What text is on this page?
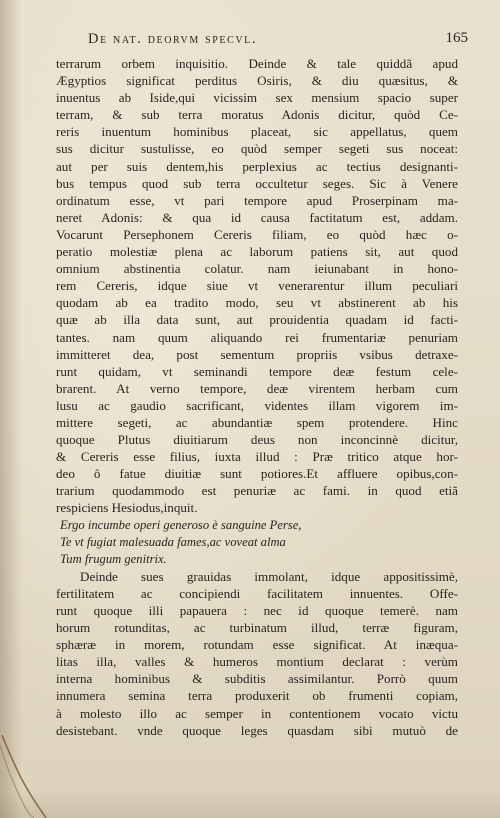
De nat. deorvm specvl.	165
terrarum orbem inquisitio. Deinde & tale quiddã apud
Ægyptios significat perditus Osiris, & diu quæsitus, &
inuentus ab Iside,qui vicissim sex mensium spacio super
terram, & sub terra moratus Adonis dicitur, quòd Ce-
reris inuentum hominibus placeat, sic appellatus, quem
sus dicitur sustulisse, eo quòd semper segeti sus noceat:
aut per suis dentem,his perplexius ac tectius designanti-
bus tempus quod sub terra occultetur seges. Sic à Venere
ordinatum esse, vt pari tempore apud Proserpinam ma-
neret Adonis: & qua id causa factitatum est, addam.
Vocarunt Persephonem Cereris filiam, eo quòd hæc o-
peratio molestiæ plena ac laborum patiens sit, aut quod
omnium abstinentia colatur. nam ieiunabant in hono-
rem Cereris, idque siue vt venerarentur illum peculiari
quodam ab ea tradito modo, seu vt abstinerent ab his
quæ ab illa data sunt, aut prouidentia quadam id facti-
tantes. nam quum aliquando rei frumentariæ penuriam
immitteret dea, post sementum propriis vsibus detraxe-
runt quidam, vt seminandi tempore deæ festum cele-
brarent. At verno tempore, deæ virentem herbam cum
lusu ac gaudio sacrificant, videntes illam vigorem im-
mittere segeti, ac abundantiæ spem protendere. Hinc
quoque Plutus diuitiarum deus non inconcinnè dicitur,
& Cereris esse filius, iuxta illud : Præ tritico atque hor-
deo ô fatue diuitiæ sunt potiores.Et affluere opibus,con-
trarium quodammodo est penuriæ ac fami. in quod etiã
respiciens Hesiodus,inquit.
Ergo incumbe operi generoso è sanguine Perse,
Te vt fugiat malesuada fames,ac voveat alma
Tum frugum genitrix.
Deinde sues grauidas immolant, idque appositissimè,
fertilitatem ac concipiendi facilitatem innuentes. Offe-
runt quoque illi papauera : nec id quoque temerè. nam
horum rotunditas, ac turbinatum illud, terræ figuram,
sphæræ in morem, rotundam esse significat. At inæqua-
litas illa, valles & humeros montium declarat : verùm
interna hominibus & subditis assimilantur. Porrò quum
innumera semina terra produxerit ob frumenti copiam,
à molesto illo ac semper in contentionem vocato victu
desistebant. vnde quoque leges quasdam sibi mutuò de
